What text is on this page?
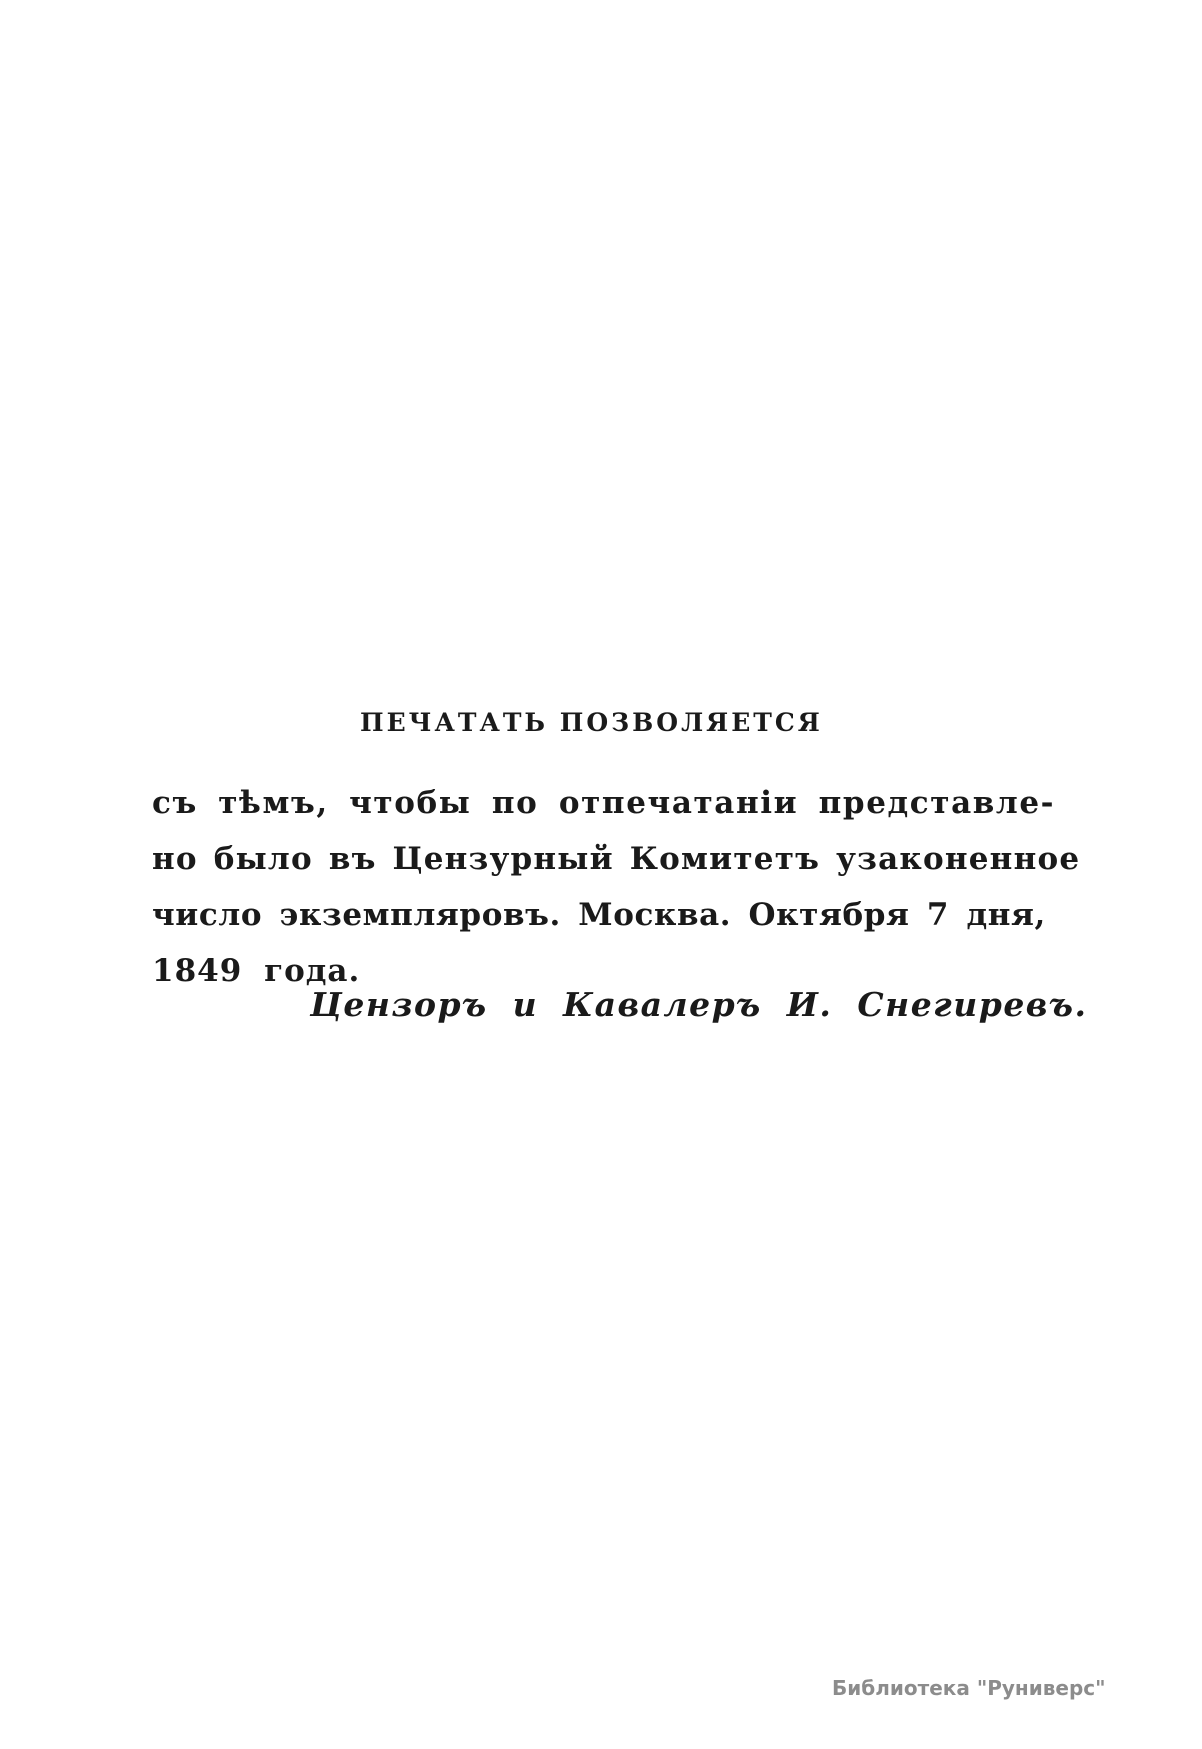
ПЕЧАТАТЬ ПОЗВОЛЯЕТСЯ
съ тѣмъ, чтобы по отпечатаніи представле-
но было въ Цензурный Комитетъ узаконенное
число экземпляровъ. Москва. Октября 7 дня,
1849 года.
Цензоръ и Кавалеръ И. Снегиревъ.
Библиотека "Руниверс"
